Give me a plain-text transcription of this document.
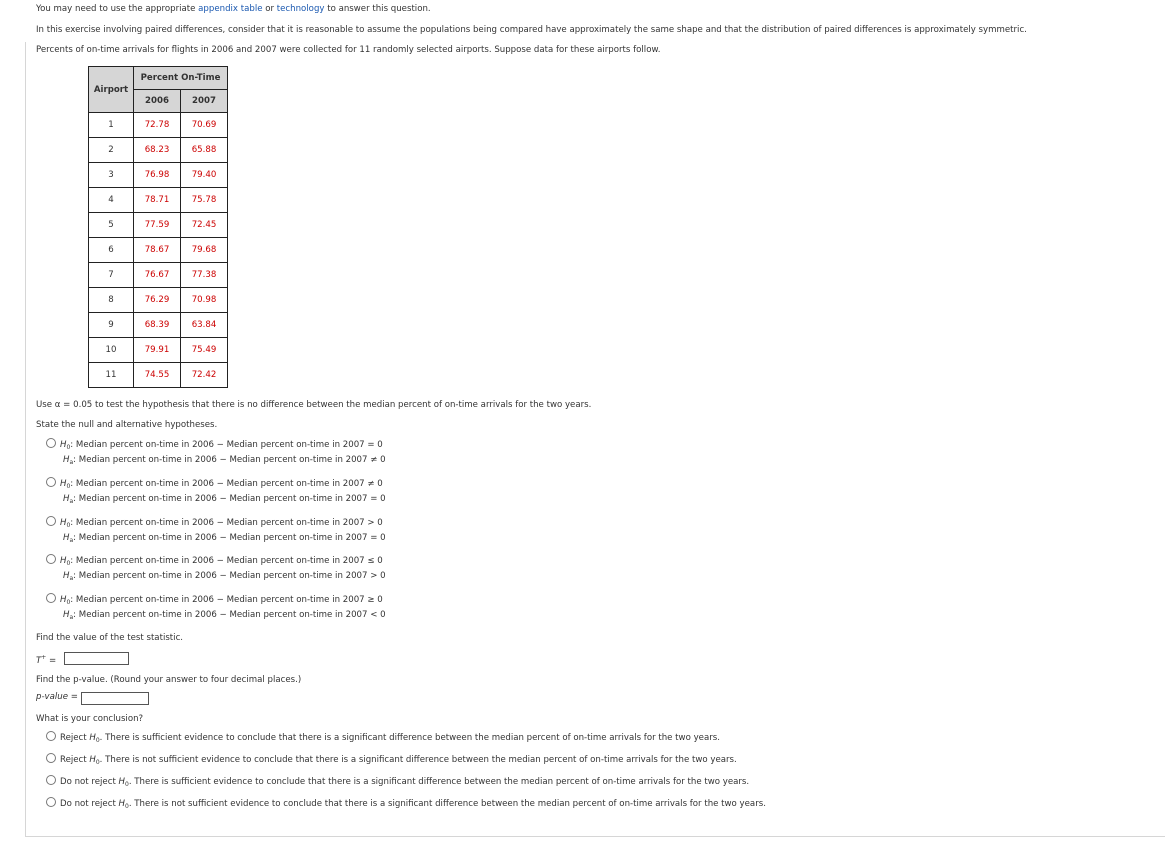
You may need to use the appropriate appendix table or technology to answer this question.
In this exercise involving paired differences, consider that it is reasonable to assume the populations being compared have approximately the same shape and that the distribution of paired differences is approximately symmetric.
Percents of on-time arrivals for flights in 2006 and 2007 were collected for 11 randomly selected airports. Suppose data for these airports follow.
Airport	Percent On-Time	
	2006	2007
1	72.78	70.69
2	68.23	65.88
3	76.98	79.40
4	78.71	75.78
5	77.59	72.45
6	78.67	79.68
7	76.67	77.38
8	76.29	70.98
9	68.39	63.84
10	79.91	75.49
11	74.55	72.42
Use α = 0.05 to test the hypothesis that there is no difference between the median percent of on-time arrivals for the two years.
State the null and alternative hypotheses.
$H_0$: Median percent on-time in 2006 − Median percent on-time in 2007 = 0
$H_a$: Median percent on-time in 2006 − Median percent on-time in 2007 ≠ 0
$H_0$: Median percent on-time in 2006 − Median percent on-time in 2007 ≠ 0
$H_a$: Median percent on-time in 2006 − Median percent on-time in 2007 = 0
$H_0$: Median percent on-time in 2006 − Median percent on-time in 2007 > 0
$H_a$: Median percent on-time in 2006 − Median percent on-time in 2007 = 0
$H_0$: Median percent on-time in 2006 − Median percent on-time in 2007 ≤ 0
$H_a$: Median percent on-time in 2006 − Median percent on-time in 2007 > 0
$H_0$: Median percent on-time in 2006 − Median percent on-time in 2007 ≥ 0
$H_a$: Median percent on-time in 2006 − Median percent on-time in 2007 < 0
Find the value of the test statistic.
T+ =
Find the p-value. (Round your answer to four decimal places.)
p-value =
What is your conclusion?
Reject $H_0$. There is sufficient evidence to conclude that there is a significant difference between the median percent of on-time arrivals for the two years.
Reject $H_0$. There is not sufficient evidence to conclude that there is a significant difference between the median percent of on-time arrivals for the two years.
Do not reject $H_0$. There is sufficient evidence to conclude that there is a significant difference between the median percent of on-time arrivals for the two years.
Do not reject $H_0$. There is not sufficient evidence to conclude that there is a significant difference between the median percent of on-time arrivals for the two years.
